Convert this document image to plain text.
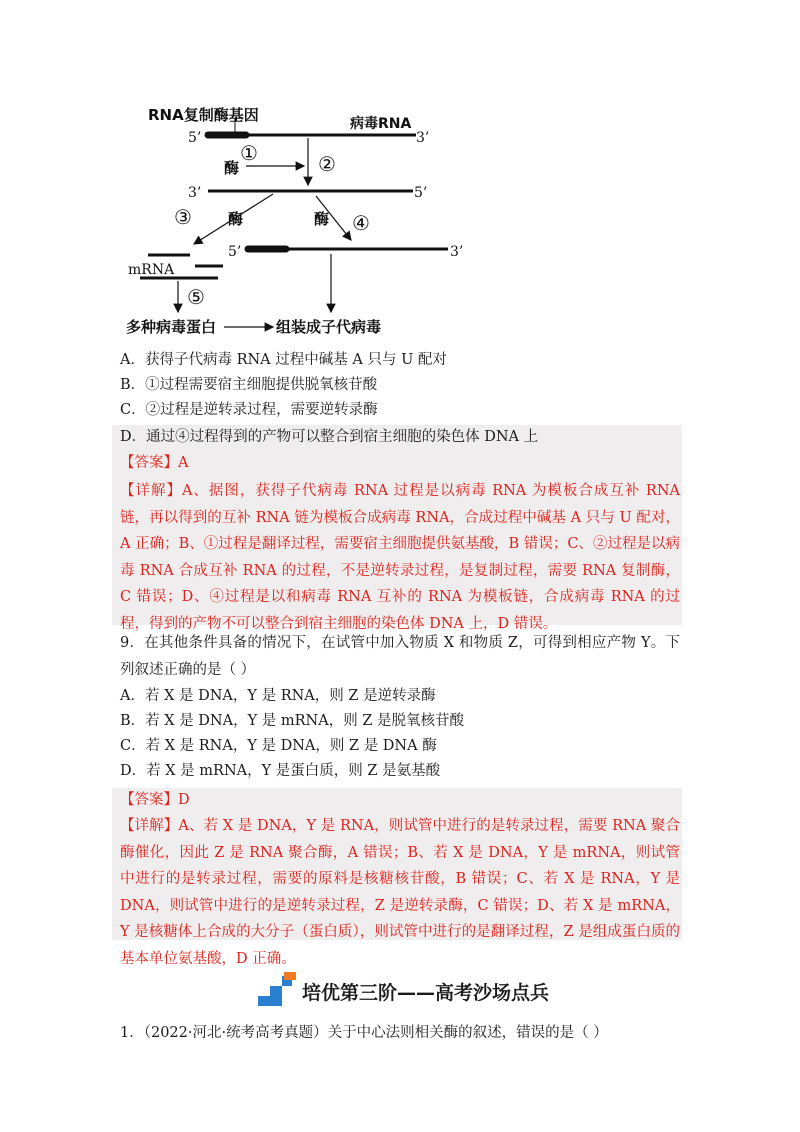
RNA复制酶基因	病毒RNA
5’	3’
①
酶	②
3’	5’
③ 酶	酶 ④
5’	3’
mRNA
⑤
多种病毒蛋白	组装成子代病毒
A．获得子代病毒 RNA 过程中碱基 A 只与 U 配对
B．①过程需要宿主细胞提供脱氧核苷酸
C．②过程是逆转录过程，需要逆转录酶
D．通过④过程得到的产物可以整合到宿主细胞的染色体 DNA 上
【答案】A
【详解】A、据图，获得子代病毒 RNA 过程是以病毒 RNA 为模板合成互补 RNA 链，再以得到的互补 RNA 链为模板合成病毒 RNA，合成过程中碱基 A 只与 U 配对，A 正确；B、①过程是翻译过程，需要宿主细胞提供氨基酸，B 错误；C、②过程是以病毒 RNA 合成互补 RNA 的过程，不是逆转录过程，是复制过程，需要 RNA 复制酶，C 错误；D、④过程是以和病毒 RNA 互补的 RNA 为模板链，合成病毒 RNA 的过程，得到的产物不可以整合到宿主细胞的染色体 DNA 上，D 错误。
9．在其他条件具备的情况下，在试管中加入物质 X 和物质 Z，可得到相应产物 Y。下列叙述正确的是（ ）
A．若 X 是 DNA，Y 是 RNA，则 Z 是逆转录酶
B．若 X 是 DNA，Y 是 mRNA，则 Z 是脱氧核苷酸
C．若 X 是 RNA，Y 是 DNA，则 Z 是 DNA 酶
D．若 X 是 mRNA，Y 是蛋白质，则 Z 是氨基酸
【答案】D
【详解】A、若 X 是 DNA，Y 是 RNA，则试管中进行的是转录过程，需要 RNA 聚合酶催化，因此 Z 是 RNA 聚合酶，A 错误；B、若 X 是 DNA，Y 是 mRNA，则试管中进行的是转录过程，需要的原料是核糖核苷酸，B 错误；C、若 X 是 RNA，Y 是 DNA，则试管中进行的是逆转录过程，Z 是逆转录酶，C 错误；D、若 X 是 mRNA，Y 是核糖体上合成的大分子（蛋白质），则试管中进行的是翻译过程，Z 是组成蛋白质的基本单位氨基酸，D 正确。
培优第三阶——高考沙场点兵
1．（2022·河北·统考高考真题）关于中心法则相关酶的叙述，错误的是（ ）
